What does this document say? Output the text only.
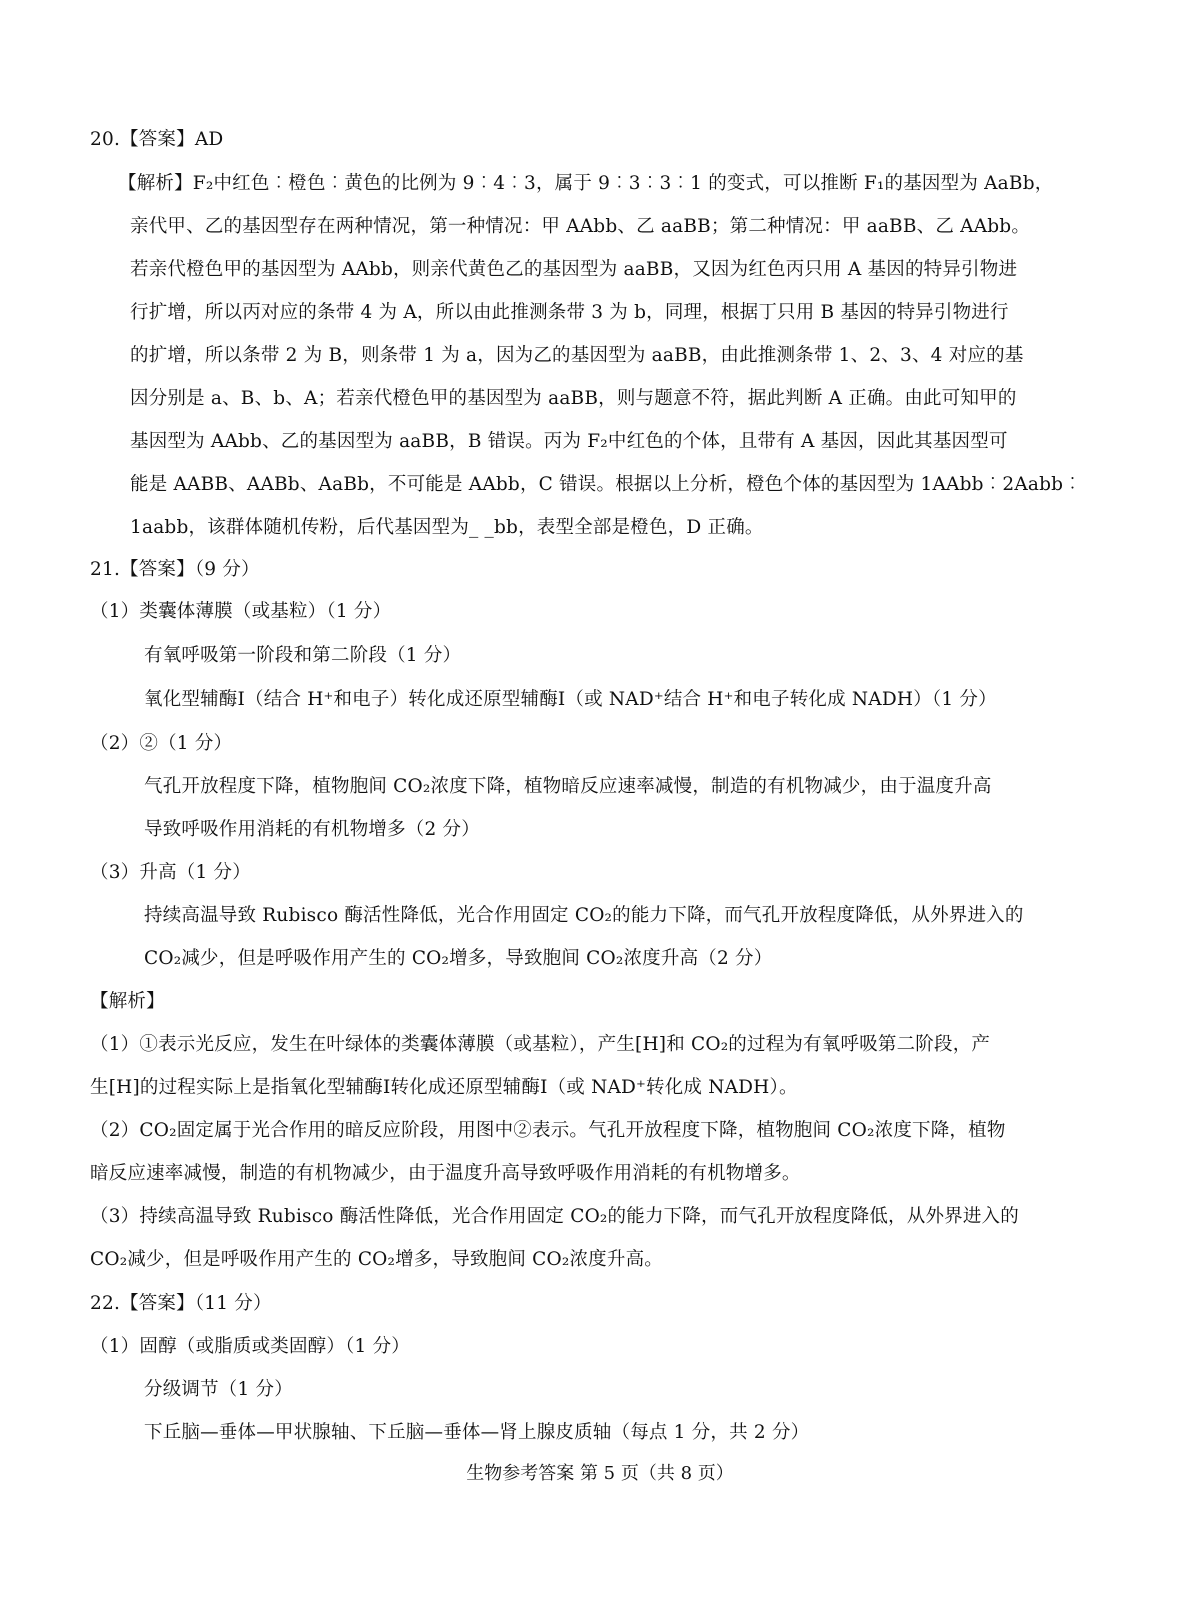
20.【答案】AD

【解析】F₂中红色︰橙色︰黄色的比例为 9︰4︰3，属于 9︰3︰3︰1 的变式，可以推断 F₁的基因型为 AaBb，

亲代甲、乙的基因型存在两种情况，第一种情况：甲 AAbb、乙 aaBB；第二种情况：甲 aaBB、乙 AAbb。

若亲代橙色甲的基因型为 AAbb，则亲代黄色乙的基因型为 aaBB，又因为红色丙只用 A 基因的特异引物进

行扩增，所以丙对应的条带 4 为 A，所以由此推测条带 3 为 b，同理，根据丁只用 B 基因的特异引物进行

的扩增，所以条带 2 为 B，则条带 1 为 a，因为乙的基因型为 aaBB，由此推测条带 1、2、3、4 对应的基

因分别是 a、B、b、A；若亲代橙色甲的基因型为 aaBB，则与题意不符，据此判断 A 正确。由此可知甲的

基因型为 AAbb、乙的基因型为 aaBB，B 错误。丙为 F₂中红色的个体，且带有 A 基因，因此其基因型可

能是 AABB、AABb、AaBb，不可能是 AAbb，C 错误。根据以上分析，橙色个体的基因型为 1AAbb︰2Aabb︰

1aabb，该群体随机传粉，后代基因型为_ _bb，表型全部是橙色，D 正确。

21.【答案】（9 分）

（1）类囊体薄膜（或基粒）（1 分）

有氧呼吸第一阶段和第二阶段（1 分）

氧化型辅酶Ⅰ（结合 H⁺和电子）转化成还原型辅酶Ⅰ（或 NAD⁺结合 H⁺和电子转化成 NADH）（1 分）

（2）②（1 分）

气孔开放程度下降，植物胞间 CO₂浓度下降，植物暗反应速率减慢，制造的有机物减少，由于温度升高

导致呼吸作用消耗的有机物增多（2 分）

（3）升高（1 分）

持续高温导致 Rubisco 酶活性降低，光合作用固定 CO₂的能力下降，而气孔开放程度降低，从外界进入的

CO₂减少，但是呼吸作用产生的 CO₂增多，导致胞间 CO₂浓度升高（2 分）

【解析】

（1）①表示光反应，发生在叶绿体的类囊体薄膜（或基粒），产生[H]和 CO₂的过程为有氧呼吸第二阶段，产

生[H]的过程实际上是指氧化型辅酶Ⅰ转化成还原型辅酶Ⅰ（或 NAD⁺转化成 NADH）。

（2）CO₂固定属于光合作用的暗反应阶段，用图中②表示。气孔开放程度下降，植物胞间 CO₂浓度下降，植物

暗反应速率减慢，制造的有机物减少，由于温度升高导致呼吸作用消耗的有机物增多。

（3）持续高温导致 Rubisco 酶活性降低，光合作用固定 CO₂的能力下降，而气孔开放程度降低，从外界进入的

CO₂减少，但是呼吸作用产生的 CO₂增多，导致胞间 CO₂浓度升高。

22.【答案】（11 分）

（1）固醇（或脂质或类固醇）（1 分）

分级调节（1 分）

下丘脑—垂体—甲状腺轴、下丘脑—垂体—肾上腺皮质轴（每点 1 分，共 2 分）

生物参考答案 第 5 页（共 8 页）
